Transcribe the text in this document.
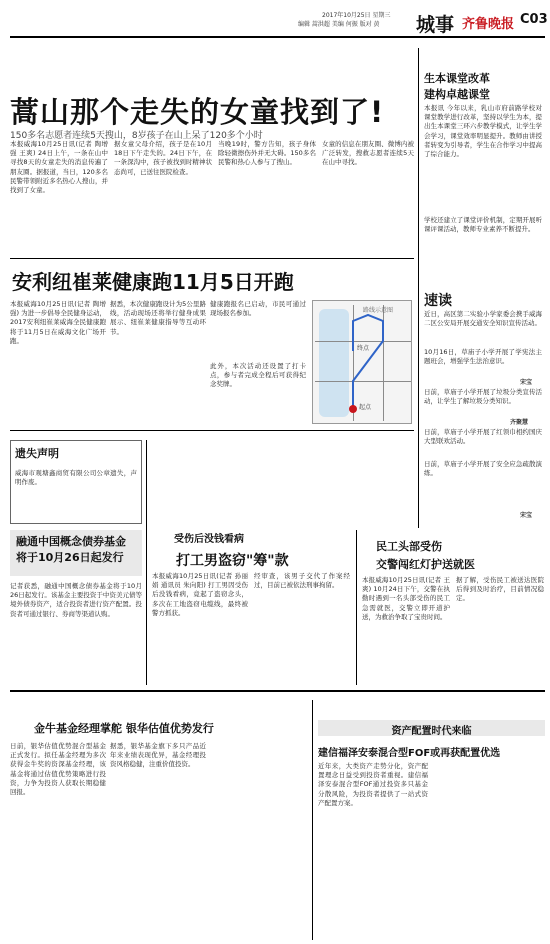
2017年10月25日 星期三
编辑 蒿洪超 美编 何振 版对 黄	城事 齐鲁晚报 C03
蒿山那个走失的女童找到了!
150多名志愿者连续5天搜山，8岁孩子在山上呆了120多个小时
本报威海10月25日讯(记者 陶增强 王爽) 24日上午，一条在山中寻找8天的女童走失的消息传遍了朋友圈。据报道，当日，120多名民警带领附近多名热心人搜山，并找到了女童。
据女童父母介绍，孩子是在10月18日下午走失的。24日下午，在一条深沟中，孩子被找到时精神状态尚可，已送往医院检查。
当晚19时，警方告知，孩子身体除轻微擦伤外并无大碍。150多名民警和热心人参与了搜山。
女童的信息在朋友圈、微博内被广泛转发，搜救志愿者连续5天在山中寻找。
生本课堂改革
建构卓越课堂
本报讯 今年以来，乳山市府前路学校对课堂教学进行改革，坚持以学生为本，提出生本课堂三环六步教学模式，让学生学会学习，课堂效率明显提升。教师由讲授者转变为引导者，学生在合作学习中提高了综合能力。
学校还建立了课堂评价机制，定期开展听课评课活动，教师专业素养不断提升。
速读
近日，高区第二实验小学家委会携手威海二区公安局开展交通安全知识宣传活动。
10月16日，草庙子小学开展了学宪法主题班会，增强学生法治意识。
宋宝
日前，草庙子小学开展了垃圾分类宣传活动，让学生了解垃圾分类知识。
齐聚慧
日前，草庙子小学开展了红领巾相约国庆大型联欢活动。
日前，草庙子小学开展了安全应急疏散演练。
宋宝
安利纽崔莱健康跑11月5日开跑
本报威海10月25日讯(记者 陶增强) 为进一步倡导全民健身运动，2017安利纽崔莱威海全民健康跑将于11月5日在威海文化广场开跑。
据悉，本次健康跑设计为5公里路线，活动现场还将举行健身成果展示、纽崔莱健康指导等互动环节。
健康跑报名已启动，市民可通过现场报名参加。
此外，本次活动还设置了打卡点，参与者完成全程后可获得纪念奖牌。
起点
终点
路线示意图
遗失声明
威海市观塘鑫商贸有限公司公章遗失，声明作废。
融通中国概念债券基金将于10月26日起发行
记者获悉，融通中国概念债券基金将于10月26日起发行。该基金主要投资于中资美元债等境外债券资产，适合投资者进行资产配置。投资者可通过银行、券商等渠道认购。
受伤后没钱看病
打工男盗窃"筹"款
本报威海10月25日讯(记者 孙丽娟 通讯员 朱向阳) 打工男因受伤后没钱看病，竟起了盗窃念头，多次在工地盗窃电缆线，最终被警方抓获。
经审查，该男子交代了作案经过，目前已被依法刑事拘留。
民工头部受伤
交警闯红灯护送就医
本报威海10月25日讯(记者 王爽) 10月24日下午，交警在执勤时遇到一名头部受伤的民工急需就医，交警立即开道护送，为救治争取了宝贵时间。
据了解，受伤民工被送达医院后得到及时治疗，目前情况稳定。
金牛基金经理掌舵 银华估值优势发行
日前，银华估值优势混合型基金正式发行。拟任基金经理为多次获得金牛奖的资深基金经理，该基金将通过估值优势策略进行投资，力争为投资人获取长期稳健回报。
据悉，银华基金旗下多只产品近年来业绩表现优异，基金经理投资风格稳健，注重价值投资。
资产配置时代来临
建信福泽安泰混合型FOF或再获配置优选
近年来，大类资产走势分化，资产配置理念日益受到投资者重视。建信福泽安泰混合型FOF通过投资多只基金分散风险，为投资者提供了一站式资产配置方案。
